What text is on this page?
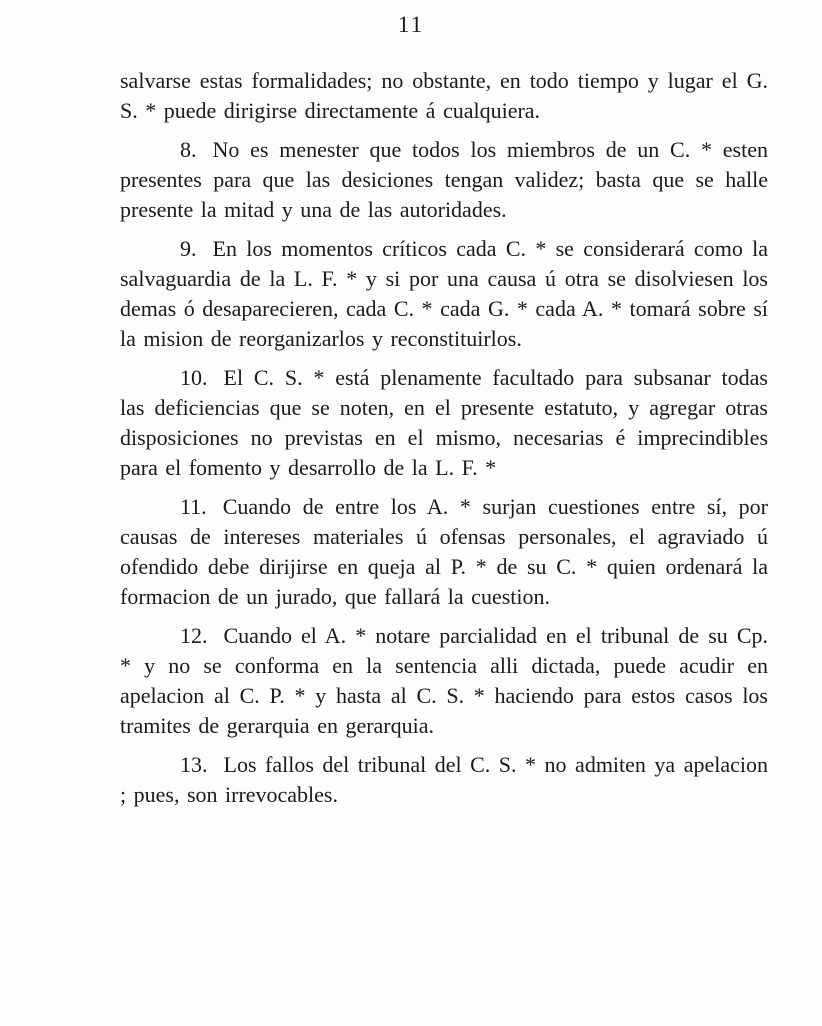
11

salvarse estas formalidades; no obstante, en todo tiempo y lugar el G. S. * puede dirigirse directamente á cualquiera.

8. No es menester que todos los miembros de un C. * esten presentes para que las desiciones tengan validez; basta que se halle presente la mitad y una de las autoridades.

9. En los momentos críticos cada C. * se considerará como la salvaguardia de la L. F. * y si por una causa ú otra se disolviesen los demas ó desaparecieren, cada C. * cada G. * cada A. * tomará sobre sí la mision de reorganizarlos y reconstituirlos.

10. El C. S. * está plenamente facultado para subsanar todas las deficiencias que se noten, en el presente estatuto, y agregar otras disposiciones no previstas en el mismo, necesarias é imprecindibles para el fomento y desarrollo de la L. F. *

11. Cuando de entre los A. * surjan cuestiones entre sí, por causas de intereses materiales ú ofensas personales, el agraviado ú ofendido debe dirijirse en queja al P. * de su C. * quien ordenará la formacion de un jurado, que fallará la cuestion.

12. Cuando el A. * notare parcialidad en el tribunal de su Cp. * y no se conforma en la sentencia alli dictada, puede acudir en apelacion al C. P. * y hasta al C. S. * haciendo para estos casos los tramites de gerarquia en gerarquia.

13. Los fallos del tribunal del C. S. * no admiten ya apelacion ; pues, son irrevocables.
